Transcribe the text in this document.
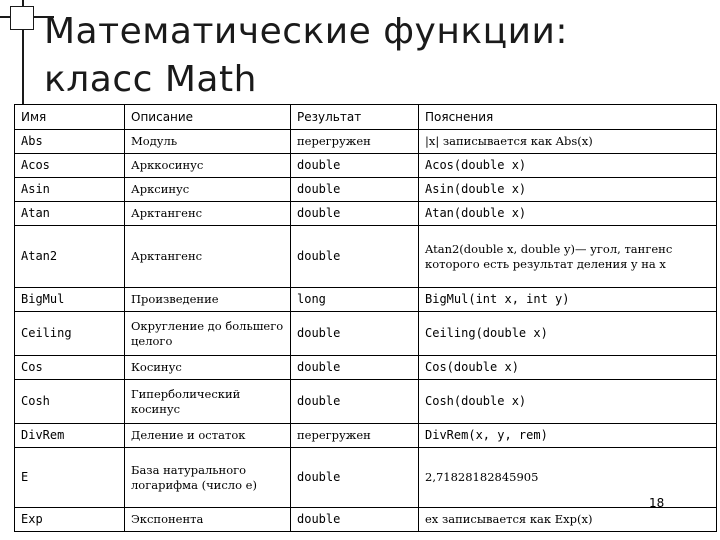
Математические функции:
класс Math
Имя	Описание	Результат	Пояснения
Abs	Модуль	перегружен	|x| записывается как Abs(x)
Acos	Арккосинус	double	Acos(double x)
Asin	Арксинус	double	Asin(double x)
Atan	Арктангенс	double	Atan(double x)
Atan2	Арктангенс	double	Atan2(double x, double y)— угол, тангенс которого есть результат деления y на x
BigMul	Произведение	long	BigMul(int x, int y)
Ceiling	Округление до большего целого	double	Ceiling(double x)
Cos	Косинус	double	Cos(double x)
Cosh	Гиперболический косинус	double	Cosh(double x)
DivRem	Деление и остаток	перегружен	DivRem(x, y, rem)
E	База натурального логарифма (число е)	double	2,71828182845905
Exp	Экспонента	double	ex записывается как Exp(x)
18
